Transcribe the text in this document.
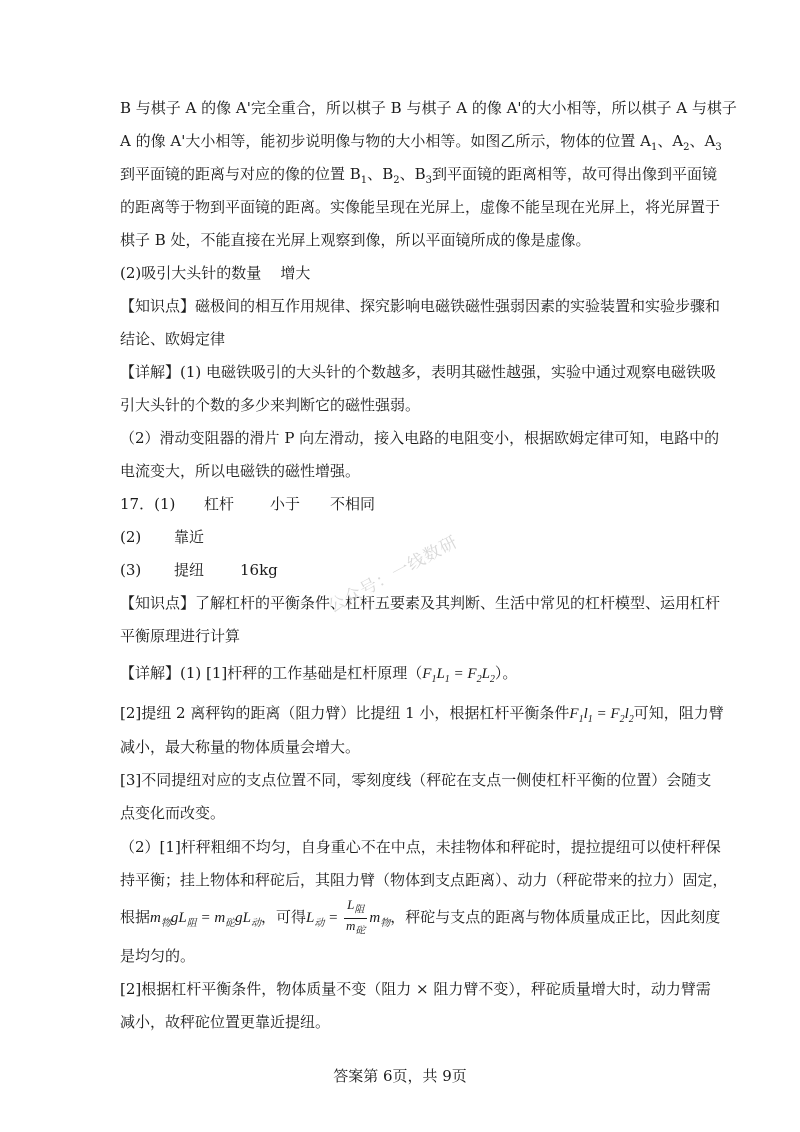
B 与棋子 A 的像 A'完全重合，所以棋子 B 与棋子 A 的像 A'的大小相等，所以棋子 A 与棋子
A 的像 A'大小相等，能初步说明像与物的大小相等。如图乙所示，物体的位置 $A_1$、$A_2$、$A_3$
到平面镜的距离与对应的像的位置 $B_1$、$B_2$、$B_3$到平面镜的距离相等，故可得出像到平面镜
的距离等于物到平面镜的距离。实像能呈现在光屏上，虚像不能呈现在光屏上，将光屏置于
棋子 B 处，不能直接在光屏上观察到像，所以平面镜所成的像是虚像。
(2)吸引大头针的数量    增大
【知识点】磁极间的相互作用规律、探究影响电磁铁磁性强弱因素的实验装置和实验步骤和
结论、欧姆定律
【详解】(1) 电磁铁吸引的大头针的个数越多，表明其磁性越强，实验中通过观察电磁铁吸
引大头针的个数的多少来判断它的磁性强弱。
（2）滑动变阻器的滑片 P 向左滑动，接入电路的电阻变小，根据欧姆定律可知，电路中的
电流变大，所以电磁铁的磁性增强。
17．(1) 杠杆 小于 不相同
(2) 靠近
(3) 提纽 16kg
【知识点】了解杠杆的平衡条件、杠杆五要素及其判断、生活中常见的杠杆模型、运用杠杆
平衡原理进行计算
【详解】(1) [1]杆秤的工作基础是杠杆原理$(F_1L_1 = F_2L_2)$。
[2]提纽 2 离秤钩的距离（阻力臂）比提纽 1 小，根据杠杆平衡条件$F_1l_1 = F_2l_2$可知，阻力臂
减小，最大称量的物体质量会增大。
[3]不同提纽对应的支点位置不同，零刻度线（秤砣在支点一侧使杠杆平衡的位置）会随支
点变化而改变。
（2）[1]杆秤粗细不均匀，自身重心不在中点，未挂物体和秤砣时，提拉提纽可以使杆秤保
持平衡；挂上物体和秤砣后，其阻力臂（物体到支点距离）、动力（秤砣带来的拉力）固定，
根据$m_物gL_阻 = m_砣gL_动$，可得$L_动 = \frac{L_阻}{m_砣} m_物$，秤砣与支点的距离与物体质量成正比，因此刻度
是均匀的。
[2]根据杠杆平衡条件，物体质量不变（阻力 × 阻力臂不变），秤砣质量增大时，动力臂需
减小，故秤砣位置更靠近提纽。
公众号：一线数研
答案第 6页，共 9页
